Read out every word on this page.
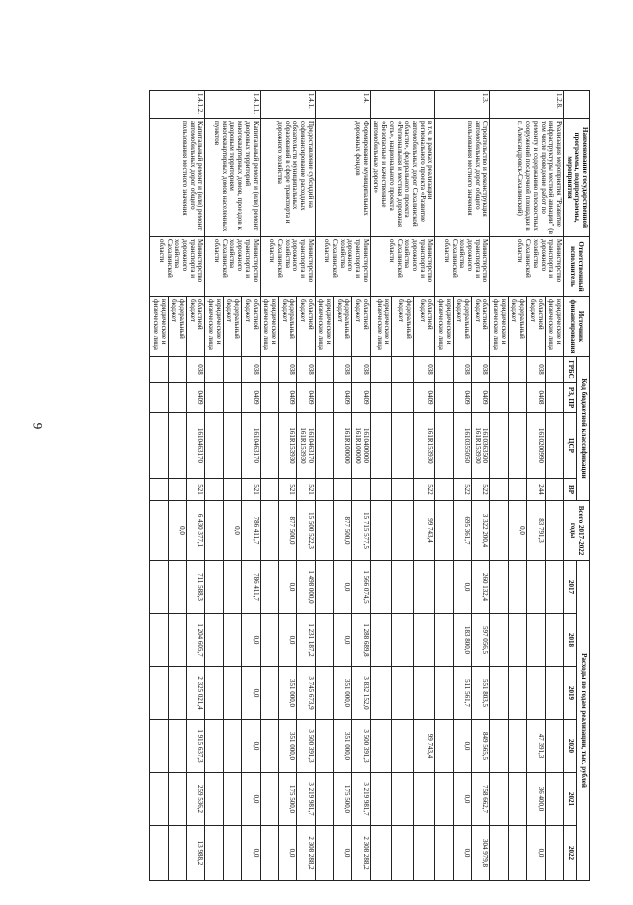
9
	Наименование государственной программы, подпрограммы, мероприятия	Ответственный исполнитель	Источник финансирования	Код бюджетной классификации				Всего 2017-2022 годы	Расходы по годам реализации, тыс. рублей					
				ГРБС	РЗ, ПР	ЦСР	ВР		2017	2018	2019	2020	2021	2022
1.2.8.	Реализация мероприятия "Развитие инфраструктуры местной авиации" (в том числе проведение работ по ремонту и содержанию плоскостных сооружений посадочной площадки в г. Александровск-Сахалинский)	Министерство транспорта и дорожного хозяйства Сахалинской области	юридические и физические лица											
			областной бюджет	038	0408	1610200990	244	83 791,3				47 391,3	36 400,0	0,0
			федеральный бюджет					0,0						
			юридические и физические лица											
1.3.	Строительство и реконструкция автомобильных дорог общего пользования местного значения	Министерство транспорта и дорожного хозяйства Сахалинской области	областной бюджет	038	0409	1610363500 161R153930	522	3 322 200,4	260 132,4	597 056,5	551 803,5	849 565,5	758 662,7	304 979,8
			федеральный бюджет	038	0409	1610355050	522	695 361,7	0,0	183 800,0	511 561,7	0,0	0,0	0,0
			юридические и физические лица											
	в т.ч. в рамках реализации регионального проекта «Развитие автомобильных дорог Сахалинской области», федерального проекта «Региональная и местная дорожная сеть», национального проекта «Безопасные и качественные автомобильные дороги»	Министерство транспорта и дорожного хозяйства Сахалинской области	областной бюджет	038	0409	161R153930	522	99 743,4				99 743,4		
			федеральный бюджет											
			юридические и физические лица											
1.4.	Формирование муниципальных дорожных фондов	Министерство транспорта и дорожного хозяйства Сахалинской области	областной бюджет	038	0409	1610400000 161R100000		15 715 577,5	1 566 074,5	1 288 689,8	3 832 152,0	3 500 391,3	3 219 981,7	2 308 288,2
			федеральный бюджет	038	0409	161R100000		877 500,0	0,0	0,0	351 000,0	351 000,0	175 500,0	0,0
			юридические и физические лица											
1.4.1.	Предоставление субсидий на софинансирование расходных обязательств муниципальных образований в сфере транспорта и дорожного хозяйства	Министерство транспорта и дорожного хозяйства Сахалинской области	областной бюджет	038	0409	1610463170 161R153930	521	15 500 522,3	1 498 000,0	1 231 187,2	3 745 673,9	3 500 391,3	3 219 981,7	2 308 288,2
			федеральный бюджет	038	0409	161R153930	521	877 500,0	0,0	0,0	351 000,0	351 000,0	175 500,0	0,0
			юридические и физические лица											
1.4.1.1.	Капитальный ремонт и (или) ремонт дворовых территорий многоквартирных домов, проездов к дворовым территориям многоквартирных домов населенных пунктов	Министерство транспорта и дорожного хозяйства Сахалинской области	областной бюджет	038	0409	1610463170	521	786 411,7	786 411,7	0,0	0,0	0,0	0,0	0,0
			федеральный бюджет					0,0						
			юридические и физические лица											
1.4.1.2.	Капитальный ремонт и (или) ремонт автомобильных дорог общего пользования местного значения	Министерство транспорта и дорожного хозяйства Сахалинской области	областной бюджет	038	0409	1610463170	521	6 430 377,1	711 588,3	1 204 605,7	2 325 021,4	1 915 637,3	259 536,2	13 988,2
			федеральный бюджет					0,0						
			юридические и физические лица											
